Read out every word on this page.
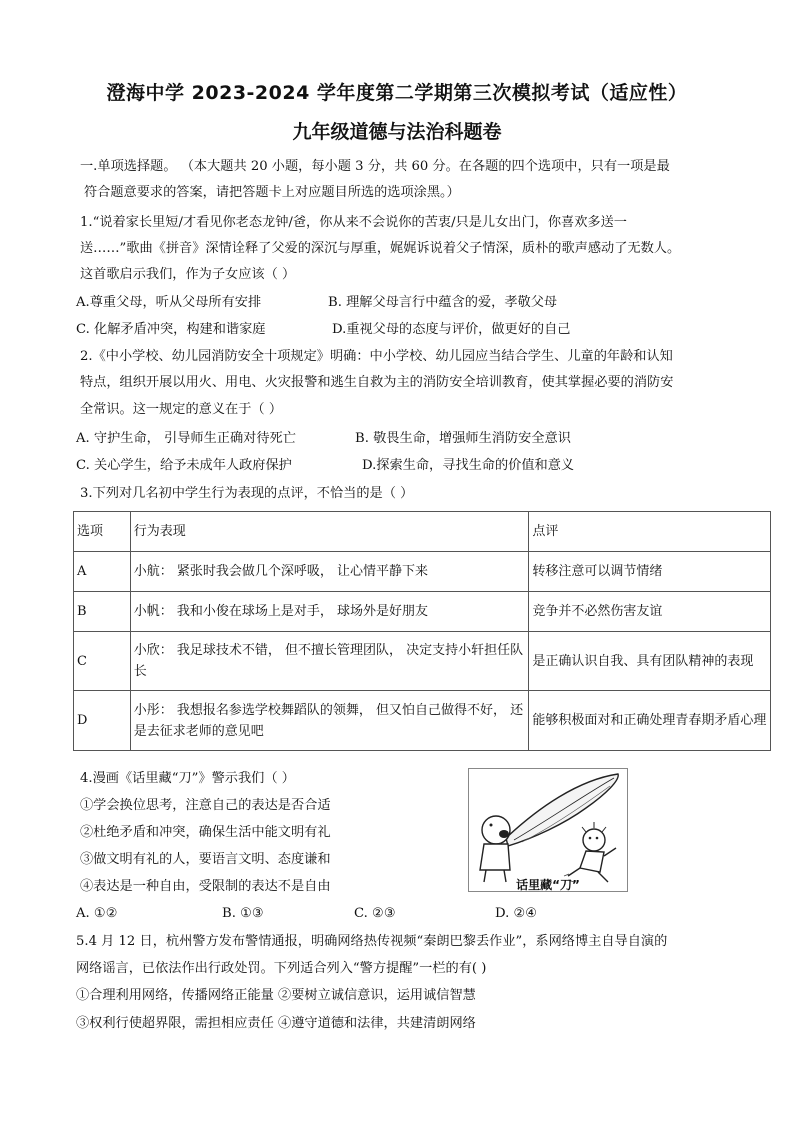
澄海中学 2023-2024 学年度第二学期第三次模拟考试（适应性）
九年级道德与法治科题卷
一.单项选择题。 （本大题共 20 小题，每小题 3 分，共 60 分。在各题的四个选项中，只有一项是最
符合题意要求的答案，请把答题卡上对应题目所选的选项涂黑。）
1.“说着家长里短/才看见你老态龙钟/爸，你从来不会说你的苦衷/只是儿女出门，你喜欢多送一
送……”歌曲《拼音》深情诠释了父爱的深沉与厚重，娓娓诉说着父子情深，质朴的歌声感动了无数人。
这首歌启示我们，作为子女应该（ ）
A.尊重父母，听从父母所有安排	B. 理解父母言行中蕴含的爱，孝敬父母
C. 化解矛盾冲突，构建和谐家庭	D.重视父母的态度与评价，做更好的自己
2.《中小学校、幼儿园消防安全十项规定》明确：中小学校、幼儿园应当结合学生、儿童的年龄和认知
特点，组织开展以用火、用电、火灾报警和逃生自救为主的消防安全培训教育，使其掌握必要的消防安
全常识。这一规定的意义在于（ ）
A. 守护生命， 引导师生正确对待死亡	B. 敬畏生命，增强师生消防安全意识
C. 关心学生，给予未成年人政府保护	D.探索生命，寻找生命的价值和意义
3.下列对几名初中学生行为表现的点评，不恰当的是（ ）
选项	行为表现	点评
A	小航： 紧张时我会做几个深呼吸， 让心情平静下来	转移注意可以调节情绪
B	小帆： 我和小俊在球场上是对手， 球场外是好朋友	竞争并不必然伤害友谊
C	小欣： 我足球技术不错， 但不擅长管理团队， 决定支持小轩担任队长	是正确认识自我、具有团队精神的表现
D	小彤： 我想报名参选学校舞蹈队的领舞， 但又怕自己做得不好， 还是去征求老师的意见吧	能够积极面对和正确处理青春期矛盾心理
4.漫画《话里藏“刀”》警示我们（ ）
①学会换位思考，注意自己的表达是否合适
②杜绝矛盾和冲突，确保生活中能文明有礼
③做文明有礼的人，要语言文明、态度谦和
④表达是一种自由，受限制的表达不是自由
A. ①②	B. ①③	C. ②③	D. ②④
话里藏“刀”
5.4 月 12 日，杭州警方发布警情通报，明确网络热传视频“秦朗巴黎丢作业”，系网络博主自导自演的
网络谣言，已依法作出行政处罚。下列适合列入“警方提醒”一栏的有( )
①合理利用网络，传播网络正能量 ②要树立诚信意识，运用诚信智慧
③权利行使超界限，需担相应责任 ④遵守道德和法律，共建清朗网络
